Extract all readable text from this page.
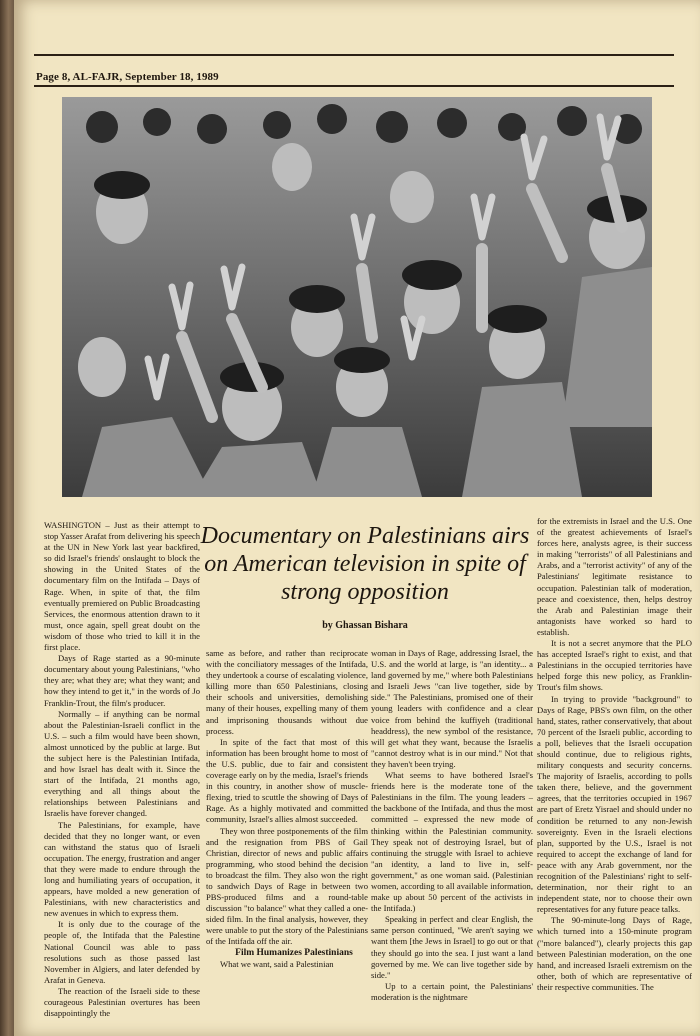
Page 8, AL-FAJR, September 18, 1989
Documentary on Palestinians airs on American television in spite of strong opposition
by Ghassan Bishara

WASHINGTON – Just as their attempt to stop Yasser Arafat from delivering his speech at the UN in New York last year backfired, so did Israel's friends' onslaught to block the showing in the United States of the documentary film on the Intifada – Days of Rage. When, in spite of that, the film eventually premiered on Public Broadcasting Services, the enormous attention drawn to it must, once again, spell great doubt on the wisdom of those who tried to kill it in the first place.

Days of Rage started as a 90-minute documentary about young Palestinians, "who they are; what they are; what they want; and how they intend to get it," in the words of Jo Franklin-Trout, the film's producer.

Normally – if anything can be normal about the Palestinian-Israeli conflict in the U.S. – such a film would have been shown, almost unnoticed by the public at large. But the subject here is the Palestinian Intifada, and how Israel has dealt with it. Since the start of the Intifada, 21 months ago, everything and all things about the relationships between Palestinians and Israelis have forever changed.

The Palestinians, for example, have decided that they no longer want, or even can withstand the status quo of Israeli occupation. The energy, frustration and anger that they were made to endure through the long and humiliating years of occupation, it appears, have molded a new generation of Palestinians, with new characteristics and new avenues in which to express them.

It is only due to the courage of the people of, the Intifada that the Palestine National Council was able to pass resolutions such as those passed last November in Algiers, and later defended by Arafat in Geneva.

The reaction of the Israeli side to these courageous Palestinian overtures has been disappointingly the

same as before, and rather than reciprocate with the conciliatory messages of the Intifada, they undertook a course of escalating violence, killing more than 650 Palestinians, closing their schools and universities, demolishing many of their houses, expelling many of them and imprisoning thousands without due process.

In spite of the fact that most of this information has been brought home to most of the U.S. public, due to fair and consistent coverage early on by the media, Israel's friends in this country, in another show of muscle-flexing, tried to scuttle the showing of Days of Rage. As a highly motivated and committed community, Israel's allies almost succeeded.

They won three postponements of the film and the resignation from PBS of Gail Christian, director of news and public affairs programming, who stood behind the decision to broadcast the film. They also won the right to sandwich Days of Rage in between two PBS-produced films and a round-table discussion "to balance" what they called a one-sided film. In the final analysis, however, they were unable to put the story of the Palestinians of the Intifada off the air.

Film Humanizes Palestinians

What we want, said a Palestinian

woman in Days of Rage, addressing Israel, the U.S. and the world at large, is "an identity... a land governed by me," where both Palestinians and Israeli Jews "can live together, side by side." The Palestinians, promised one of their young leaders with confidence and a clear voice from behind the kuffiyeh (traditional headdress), the new symbol of the resistance, will get what they want, because the Israelis "cannot destroy what is in our mind." Not that they haven't been trying.

What seems to have bothered Israel's friends here is the moderate tone of the Palestinians in the film. The young leaders – the backbone of the Intifada, and thus the most committed – expressed the new mode of thinking within the Palestinian community. They speak not of destroying Israel, but of continuing the struggle with Israel to achieve "an identity, a land to live in, self-government," as one woman said. (Palestinian women, according to all available information, make up about 50 percent of the activists in the Intifada.)

Speaking in perfect and clear English, the same person continued, "We aren't saying we want them [the Jews in Israel] to go out or that they should go into the sea. I just want a land governed by me. We can live together side by side."

Up to a certain point, the Palestinians' moderation is the nightmare

for the extremists in Israel and the U.S. One of the greatest achievements of Israel's forces here, analysts agree, is their success in making "terrorists" of all Palestinians and Arabs, and a "terrorist activity" of any of the Palestinians' legitimate resistance to occupation. Palestinian talk of moderation, peace and coexistence, then, helps destroy the Arab and Palestinian image their antagonists have worked so hard to establish.

It is not a secret anymore that the PLO has accepted Israel's right to exist, and that Palestinians in the occupied territories have helped forge this new policy, as Franklin-Trout's film shows.

In trying to provide "background" to Days of Rage, PBS's own film, on the other hand, states, rather conservatively, that about 70 percent of the Israeli public, according to a poll, believes that the Israeli occupation should continue, due to religious rights, military conquests and security concerns. The majority of Israelis, according to polls taken there, believe, and the government agrees, that the territories occupied in 1967 are part of Eretz Yisrael and should under no condition be returned to any non-Jewish sovereignty. Even in the Israeli elections plan, supported by the U.S., Israel is not required to accept the exchange of land for peace with any Arab government, nor the recognition of the Palestinians' right to self-determination, nor their right to an independent state, nor to choose their own representatives for any future peace talks.

The 90-minute-long Days of Rage, which turned into a 150-minute program ("more balanced"), clearly projects this gap between Palestinian moderation, on the one hand, and increased Israeli extremism on the other, both of which are representative of their respective communities. The
